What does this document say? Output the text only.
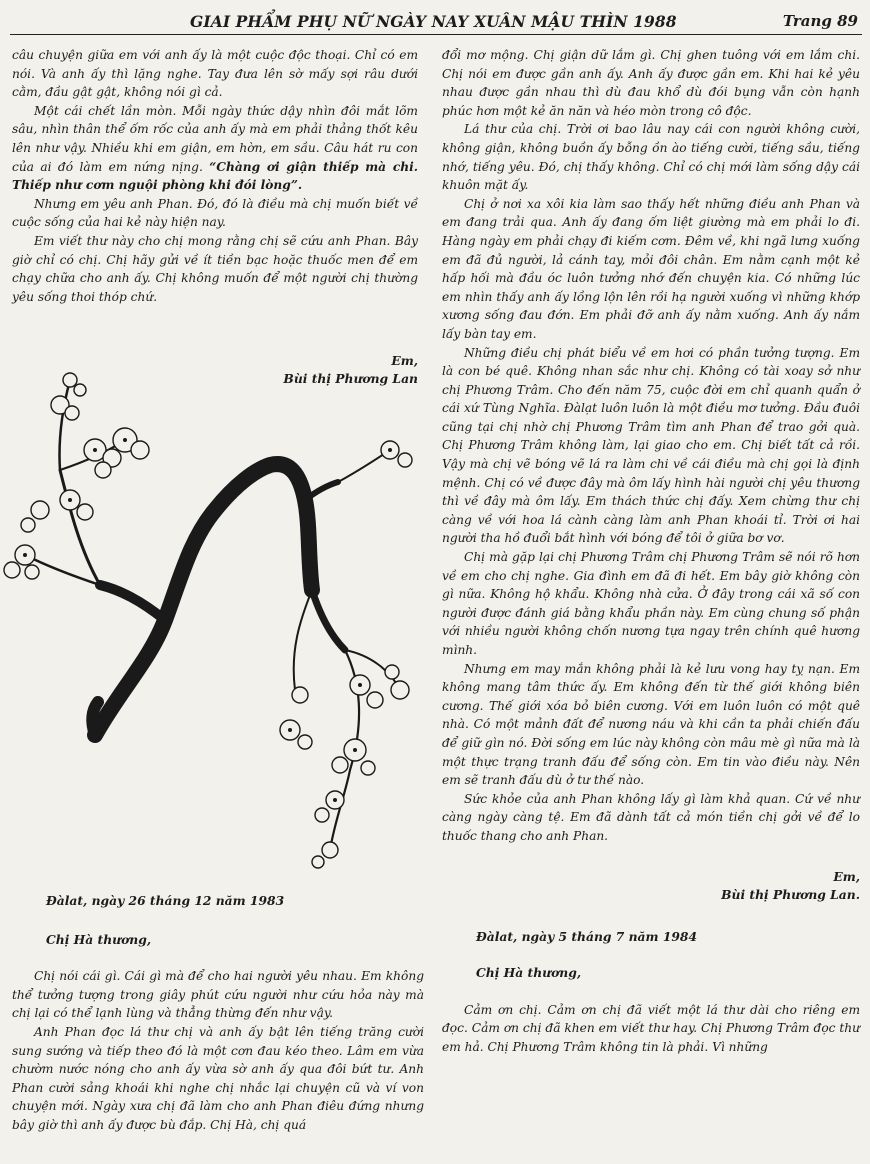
GIAI PHẨM PHỤ NỮ NGÀY NAY XUÂN MẬU THÌN 1988	Trang 89

câu chuyện giữa em với anh ấy là một cuộc độc thoại. Chỉ có em nói. Và anh ấy thì lặng nghe. Tay đưa lên sờ mấy sợi râu dưới cằm, đầu gật gật, không nói gì cả.

Một cái chết lần mòn. Mỗi ngày thức dậy nhìn đôi mắt lõm sâu, nhìn thân thể ốm rốc của anh ấy mà em phải thảng thốt kêu lên như vậy. Nhiều khi em giận, em hờn, em sầu. Câu hát ru con của ai đó làm em nứng nịng. “Chàng ơi giận thiếp mà chi. Thiếp như cơm nguội phòng khi đói lòng”.

Nhưng em yêu anh Phan. Đó, đó là điều mà chị muốn biết về cuộc sống của hai kẻ này hiện nay.

Em viết thư này cho chị mong rằng chị sẽ cứu anh Phan. Bây giờ chỉ có chị. Chị hãy gửi về ít tiền bạc hoặc thuốc men để em chạy chữa cho anh ấy. Chị không muốn để một người chị thường yêu sống thoi thóp chứ.

Em,
Bùi thị Phương Lan

Đàlat, ngày 26 tháng 12 năm 1983

Chị Hà thương,

Chị nói cái gì. Cái gì mà để cho hai người yêu nhau. Em không thể tưởng tượng trong giây phút cứu người như cứu hỏa này mà chị lại có thể lạnh lùng và thẳng thừng đến như vậy.

Anh Phan đọc lá thư chị và anh ấy bật lên tiếng trăng cười sung sướng và tiếp theo đó là một cơn đau kéo theo. Lâm em vừa chườm nước nóng cho anh ấy vừa sờ anh ấy qua đôi bứt tư. Anh Phan cười sảng khoái khi nghe chị nhắc lại chuyện cũ và ví von chuyện mới. Ngày xưa chị đã làm cho anh Phan điêu đứng nhưng bây giờ thì anh ấy được bù đắp. Chị Hà, chị quá

đổi mơ mộng. Chị giận dữ lắm gì. Chị ghen tuông với em lắm chi. Chị nói em được gần anh ấy. Anh ấy được gần em. Khi hai kẻ yêu nhau được gần nhau thì dù đau khổ dù đói bụng vẫn còn hạnh phúc hơn một kẻ ăn năn và héo mòn trong cô độc.

Lá thư của chị. Trời ơi bao lâu nay cái con người không cười, không giận, không buồn ấy bỗng ồn ào tiếng cười, tiếng sầu, tiếng nhớ, tiếng yêu. Đó, chị thấy không. Chỉ có chị mới làm sống dậy cái khuôn mặt ấy.

Chị ở nơi xa xôi kia làm sao thấy hết những điều anh Phan và em đang trải qua. Anh ấy đang ốm liệt giường mà em phải lo đi. Hàng ngày em phải chạy đi kiếm cơm. Đêm về, khi ngã lưng xuống em đã đủ người, lả cánh tay, mỏi đôi chân. Em nằm cạnh một kẻ hấp hối mà đầu óc luôn tưởng nhớ đến chuyện kia. Có những lúc em nhìn thấy anh ấy lồng lộn lên rồi hạ người xuống vì những khớp xương sống đau đớn. Em phải đỡ anh ấy nằm xuống. Anh ấy nắm lấy bàn tay em.

Những điều chị phát biểu về em hơi có phần tưởng tượng. Em là con bé quê. Không nhan sắc như chị. Không có tài xoay sở như chị Phương Trâm. Cho đến năm 75, cuộc đời em chỉ quanh quẩn ở cái xứ Tùng Nghĩa. Đàlạt luôn luôn là một điều mơ tưởng. Đầu đuôi cũng tại chị nhờ chị Phương Trâm tìm anh Phan để trao gởi quà. Chị Phương Trâm không làm, lại giao cho em. Chị biết tất cả rồi. Vậy mà chị vẽ bóng vẽ lá ra làm chi về cái điều mà chị gọi là định mệnh. Chị có về được đây mà ôm lấy hình hài người chị yêu thương thì về đây mà ôm lấy. Em thách thức chị đấy. Xem chừng thư chị càng về với hoa lá cành càng làm anh Phan khoái tỉ. Trời ơi hai người tha hồ đuổi bắt hình với bóng để tôi ở giữa bơ vơ.

Chị mà gặp lại chị Phương Trâm chị Phương Trâm sẽ nói rõ hơn về em cho chị nghe. Gia đình em đã đi hết. Em bây giờ không còn gì nữa. Không hộ khẩu. Không nhà cửa. Ở đây trong cái xã số con người được đánh giá bằng khẩu phần này. Em cùng chung số phận với nhiều người không chốn nương tựa ngay trên chính quê hương mình.

Nhưng em may mắn không phải là kẻ lưu vong hay tỵ nạn. Em không mang tâm thức ấy. Em không đến từ thế giới không biên cương. Thế giới xóa bỏ biên cương. Với em luôn luôn có một quê nhà. Có một mảnh đất để nương náu và khi cần ta phải chiến đấu để giữ gìn nó. Đời sống em lúc này không còn mâu mè gì nữa mà là một thực trạng tranh đấu để sống còn. Em tin vào điều này. Nên em sẽ tranh đấu dù ở tư thế nào.

Sức khỏe của anh Phan không lấy gì làm khả quan. Cứ về như càng ngày càng tệ. Em đã dành tất cả món tiền chị gởi về để lo thuốc thang cho anh Phan.

Em,
Bùi thị Phương Lan.

Đàlat, ngày 5 tháng 7 năm 1984

Chị Hà thương,

Cảm ơn chị. Cảm ơn chị đã viết một lá thư dài cho riêng em đọc. Cảm ơn chị đã khen em viết thư hay. Chị Phương Trâm đọc thư em hả. Chị Phương Trâm không tin là phải. Vì những
